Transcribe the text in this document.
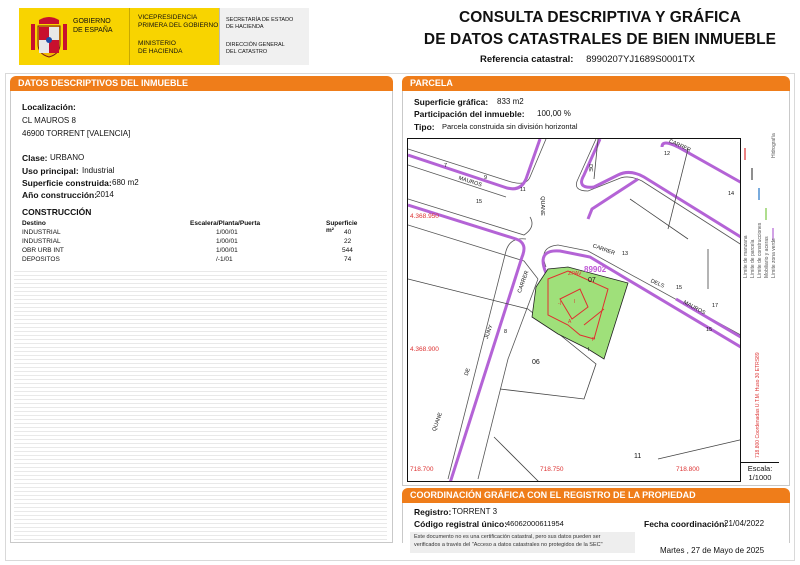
GOBIERNO
DE ESPAÑA
VICEPRESIDENCIA
PRIMERA DEL GOBIERNO
MINISTERIO
DE HACIENDA
SECRETARÍA DE ESTADO
DE HACIENDA
DIRECCIÓN GENERAL
DEL CATASTRO
CONSULTA DESCRIPTIVA Y GRÁFICA
DE DATOS CATASTRALES DE BIEN INMUEBLE
Referencia catastral: 8990207YJ1689S0001TX
DATOS DESCRIPTIVOS DEL INMUEBLE
Localización:
CL MAUROS 8
46900 TORRENT [VALENCIA]
Clase: URBANO
Uso principal: Industrial
Superficie construida: 680 m2
Año construcción:
2014
CONSTRUCCIÓN
Destino	Escalera/Planta/Puerta	Superficie m²
INDUSTRIAL	1/00/01	40
INDUSTRIAL	1/00/01	22
OBR URB INT	1/00/01	544
DEPOSITOS	/-1/01	74
PARCELA
Superficie gráfica: 833 m2
Participación del inmueble: 100,00 %
Tipo: Parcela construida sin división horizontal
4.368.950
4.368.900
718.700	718.750	718.800
7
9
11
15
12
14
13
15
17
15
8
07
06
11
MAUROS
DE
QUANE
CARRER
DELS
MAUROS
CARRER
JUNY
DE
QUANE
CARRER
89902
ZPAV
I
-I
A
P
I
Límite de manzana Límite de parcela Límite de construcciones Mobiliario y aceras Límite zona verde
Hidrografía
718.800 Coordenadas U.T.M. Huso 30 ETRS89
Escala:
1/1000
COORDINACIÓN GRÁFICA CON EL REGISTRO DE LA PROPIEDAD
Registro: TORRENT 3
Código registral único:
46062000611954	Fecha coordinación:
21/04/2022
Este documento no es una certificación catastral, pero sus datos pueden ser
verificados a través del "Acceso a datos catastrales no protegidos de la SEC"
Martes , 27 de Mayo de 2025
